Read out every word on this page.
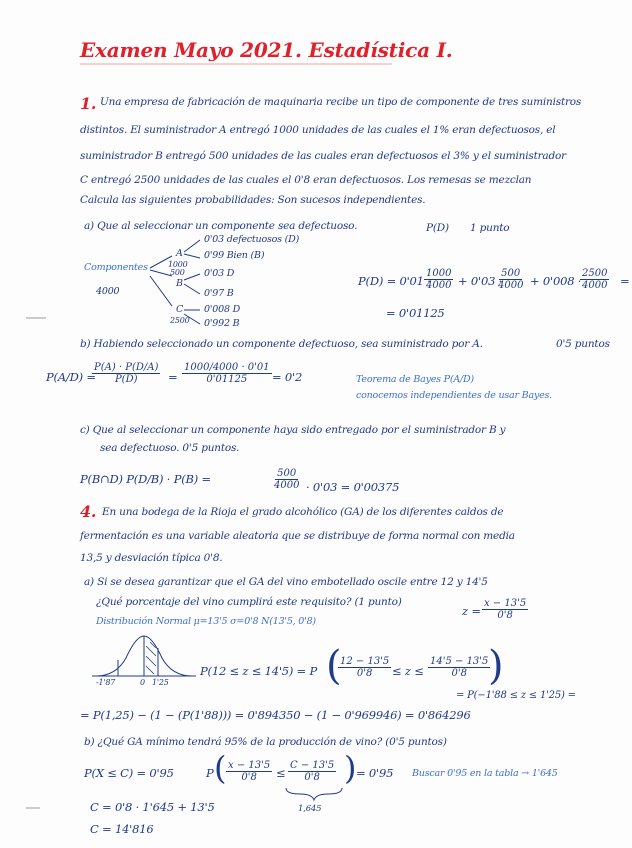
Examen Mayo 2021. Estadística I.
1. Una empresa de fabricación de maquinaria recibe un tipo de componente de tres suministros
distintos. El suministrador A entregó 1000 unidades de las cuales el 1% eran defectuosos, el
suministrador B entregó 500 unidades de las cuales eran defectuosos el 3% y el suministrador
C entregó 2500 unidades de las cuales el 0'8 eran defectuosos. Los remesas se mezclan
Calcula las siguientes probabilidades: Son sucesos independientes.
a) Que al seleccionar un componente sea defectuoso.	P(D) 1 punto
0'03 defectuosos (D)
A
1000
0'99 Bien (B)
Componentes
4000
B
500 0'03 D
0'97 B
C
2500
0'008 D
0'992 B
P(D) = 0'01 ·
$\frac{1000}{4000} + 0'03$ ·
$\frac{500}{4000} + 0'008$ ·
$\frac{2500}{4000}$ =
= 0'01125
b) Habiendo seleccionado un componente defectuoso, sea suministrado por A.	0'5 puntos
P(A/D) =
$\frac{P(A) \cdot P(D/A)}{P(D)} = \frac{1000/4000 \cdot 0'01}{0'01125} = 0'2$	Teorema de Bayes P(A/D)
conocemos independientes de usar Bayes.
c) Que al seleccionar un componente haya sido entregado por el suministrador B y
sea defectuoso. 0'5 puntos.
P(B∩D) P(D/B) · P(B) =	$\frac{500}{4000} \cdot 0'03 = 0'00375$
4. En una bodega de la Rioja el grado alcohólico (GA) de los diferentes caldos de
fermentación es una variable aleatoria que se distribuye de forma normal con media
13,5 y desviación típica 0'8.
a) Si se desea garantizar que el GA del vino embotellado oscile entre 12 y 14'5
¿Qué porcentaje del vino cumplirá este requisito? (1 punto)
$z = \frac{x - 13'5}{0'8}$
Distribución Normal μ=13'5 σ=0'8 N(13'5, 0'8)
-1'87	0 1'25
P(12 ≤ z ≤ 14'5) = P (
$\frac{12 - 13'5}{0'8} \le z \le \frac{14'5 - 13'5}{0'8}$
)
= P(−1'88 ≤ z ≤ 1'25) =
= P(1,25) − (1 − (P(1'88))) = 0'894350 − (1 − 0'969946) = 0'864296
b) ¿Qué GA mínimo tendrá 95% de la producción de vino? (0'5 puntos)
P(X ≤ C) = 0'95	P ( $\frac{x - 13'5}{0'8} \le \frac{C - 13'5}{0'8}$ ) = 0'95 Buscar 0'95 en la tabla → 1'645
1,645
C = 0'8 · 1'645 + 13'5
C = 14'816
